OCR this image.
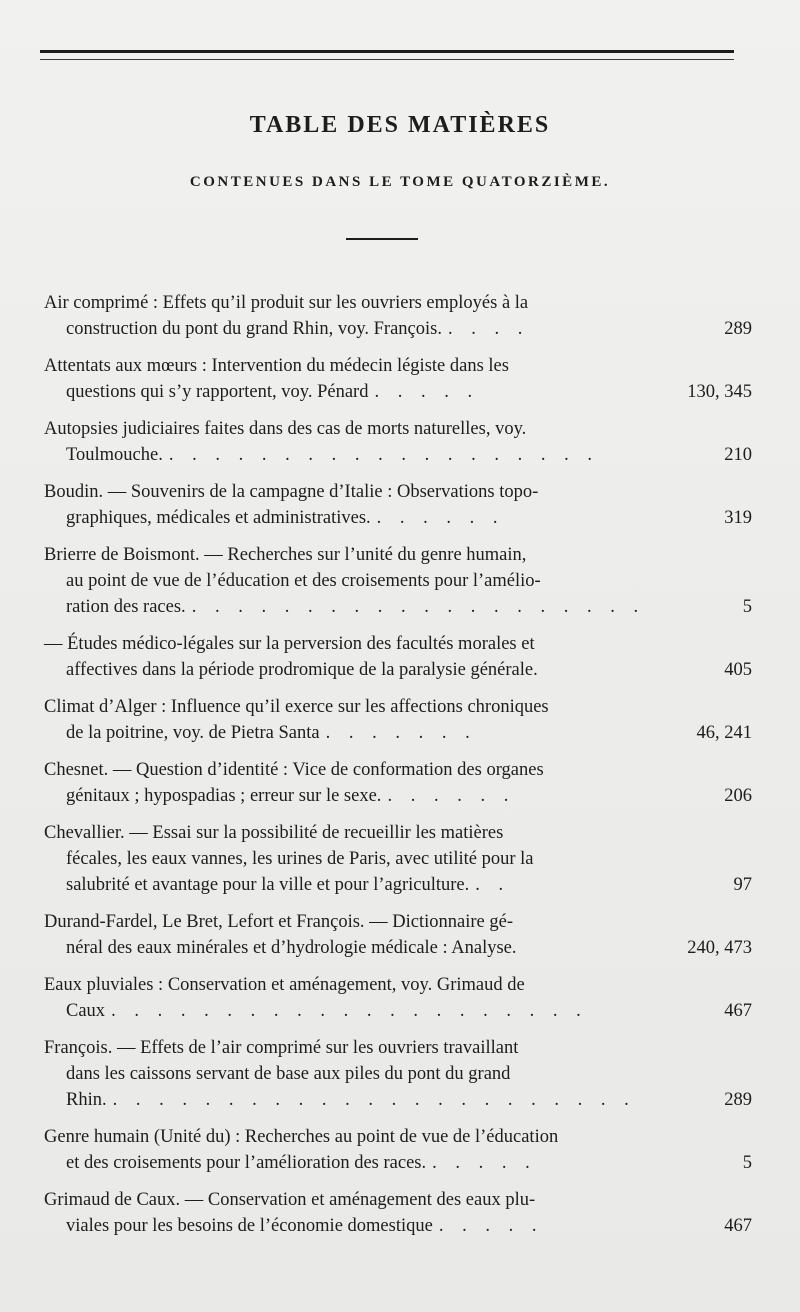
TABLE DES MATIÈRES
CONTENUES DANS LE TOME QUATORZIÈME.
Air comprimé : Effets qu’il produit sur les ouvriers employés à la
construction du pont du grand Rhin, voy. François. . . . .	289
Attentats aux mœurs : Intervention du médecin légiste dans les
questions qui s’y rapportent, voy. Pénard . . . . .	130, 345
Autopsies judiciaires faites dans des cas de morts naturelles, voy.
Toulmouche. . . . . . . . . . . . . . . . . . . .	210
Boudin. — Souvenirs de la campagne d’Italie : Observations topo-
graphiques, médicales et administratives. . . . . . .	319
Brierre de Boismont. — Recherches sur l’unité du genre humain,
au point de vue de l’éducation et des croisements pour l’amélio-
ration des races. . . . . . . . . . . . . . . . . . . . .	5
— Études médico-légales sur la perversion des facultés morales et
affectives dans la période prodromique de la paralysie générale.	405
Climat d’Alger : Influence qu’il exerce sur les affections chroniques
de la poitrine, voy. de Pietra Santa . . . . . . .	46, 241
Chesnet. — Question d’identité : Vice de conformation des organes
génitaux ; hypospadias ; erreur sur le sexe. . . . . . .	206
Chevallier. — Essai sur la possibilité de recueillir les matières
fécales, les eaux vannes, les urines de Paris, avec utilité pour la
salubrité et avantage pour la ville et pour l’agriculture. . .	97
Durand-Fardel, Le Bret, Lefort et François. — Dictionnaire gé-
néral des eaux minérales et d’hydrologie médicale : Analyse.	240, 473
Eaux pluviales : Conservation et aménagement, voy. Grimaud de
Caux . . . . . . . . . . . . . . . . . . . . .	467
François. — Effets de l’air comprimé sur les ouvriers travaillant
dans les caissons servant de base aux piles du pont du grand
Rhin. . . . . . . . . . . . . . . . . . . . . . . .	289
Genre humain (Unité du) : Recherches au point de vue de l’éducation
et des croisements pour l’amélioration des races. . . . . .	5
Grimaud de Caux. — Conservation et aménagement des eaux plu-
viales pour les besoins de l’économie domestique . . . . .	467
